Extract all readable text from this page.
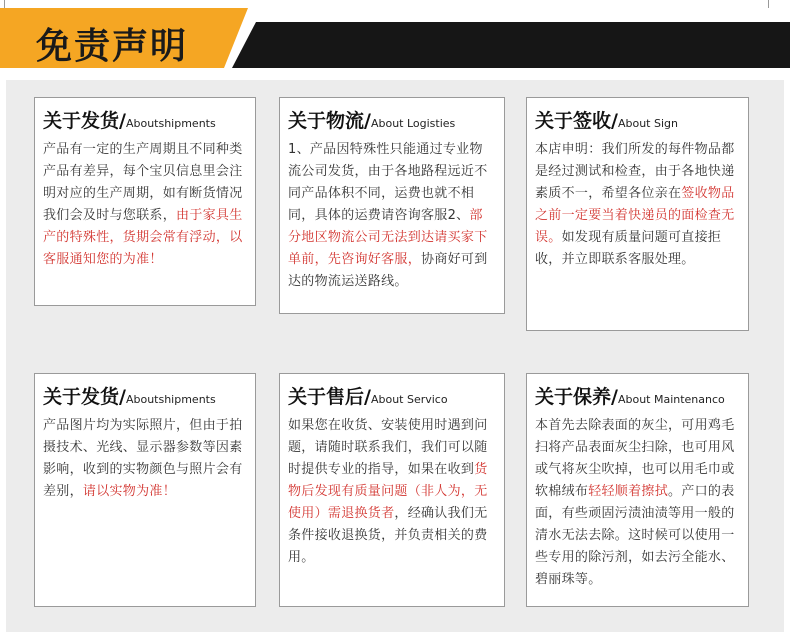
免责声明
关于发货/Aboutshipments
产品有一定的生产周期且不同种类产品有差异，每个宝贝信息里会注明对应的生产周期，如有断货情况我们会及时与您联系，由于家具生产的特殊性，货期会常有浮动，以客服通知您的为准！
关于物流/About Logisties
1、产品因特殊性只能通过专业物流公司发货，由于各地路程远近不同产品体积不同，运费也就不相同，具体的运费请咨询客服2、部分地区物流公司无法到达请买家下单前，先咨询好客服，协商好可到达的物流运送路线。
关于签收/About Sign
本店申明：我们所发的每件物品都是经过测试和检查，由于各地快递素质不一，希望各位亲在签收物品之前一定要当着快递员的面检查无误。如发现有质量问题可直接拒收，并立即联系客服处理。
关于发货/Aboutshipments
产品图片均为实际照片，但由于拍摄技术、光线、显示器参数等因素影响，收到的实物颜色与照片会有差别，请以实物为准！
关于售后/About Servico
如果您在收货、安装使用时遇到问题，请随时联系我们，我们可以随时提供专业的指导，如果在收到货物后发现有质量问题（非人为，无使用）需退换货者，经确认我们无条件接收退换货，并负责相关的费用。
关于保养/About Maintenanco
本首先去除表面的灰尘，可用鸡毛扫将产品表面灰尘扫除，也可用风或气将灰尘吹掉，也可以用毛巾或软棉绒布轻轻顺着擦拭。产口的表面，有些顽固污渍油渍等用一般的清水无法去除。这时候可以使用一些专用的除污剂，如去污全能水、碧丽珠等。
